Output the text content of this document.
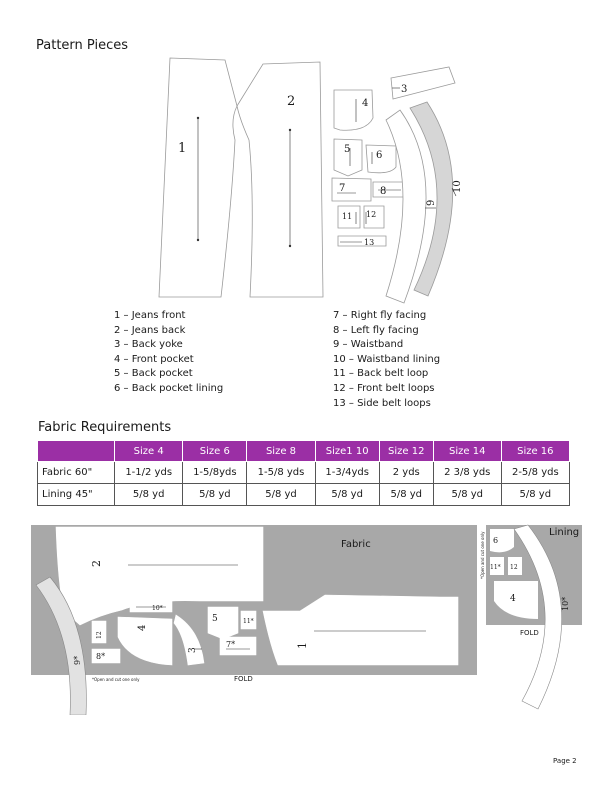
Pattern Pieces
1
2
3
4
5
6
7	8
9
10
11 12
13
1 – Jeans front
2 – Jeans back
3 – Back yoke
4 – Front pocket
5 – Back pocket
6 – Back pocket lining
7 – Right fly facing
8 – Left fly facing
9 – Waistband
10 – Waistband lining
11 – Back belt loop
12 – Front belt loops
13 – Side belt loops
Fabric Requirements
	Size 4	Size 6	Size 8	Size1 10	Size 12	Size 14	Size 16
Fabric 60"	1-1/2 yds	1-5/8yds	1-5/8 yds	1-3/4yds	2 yds	2 3/8 yds	2-5/8 yds
Lining 45"	5/8 yd	5/8 yd	5/8 yd	5/8 yd	5/8 yd	5/8 yd	5/8 yd
2
1
4
3
5
7*
8*
9*
10*
11*
12
6
11* 12
4	10*
Fabric
Lining
FOLD
FOLD
*Open and cut one only
*Open and cut one only
Page 2
